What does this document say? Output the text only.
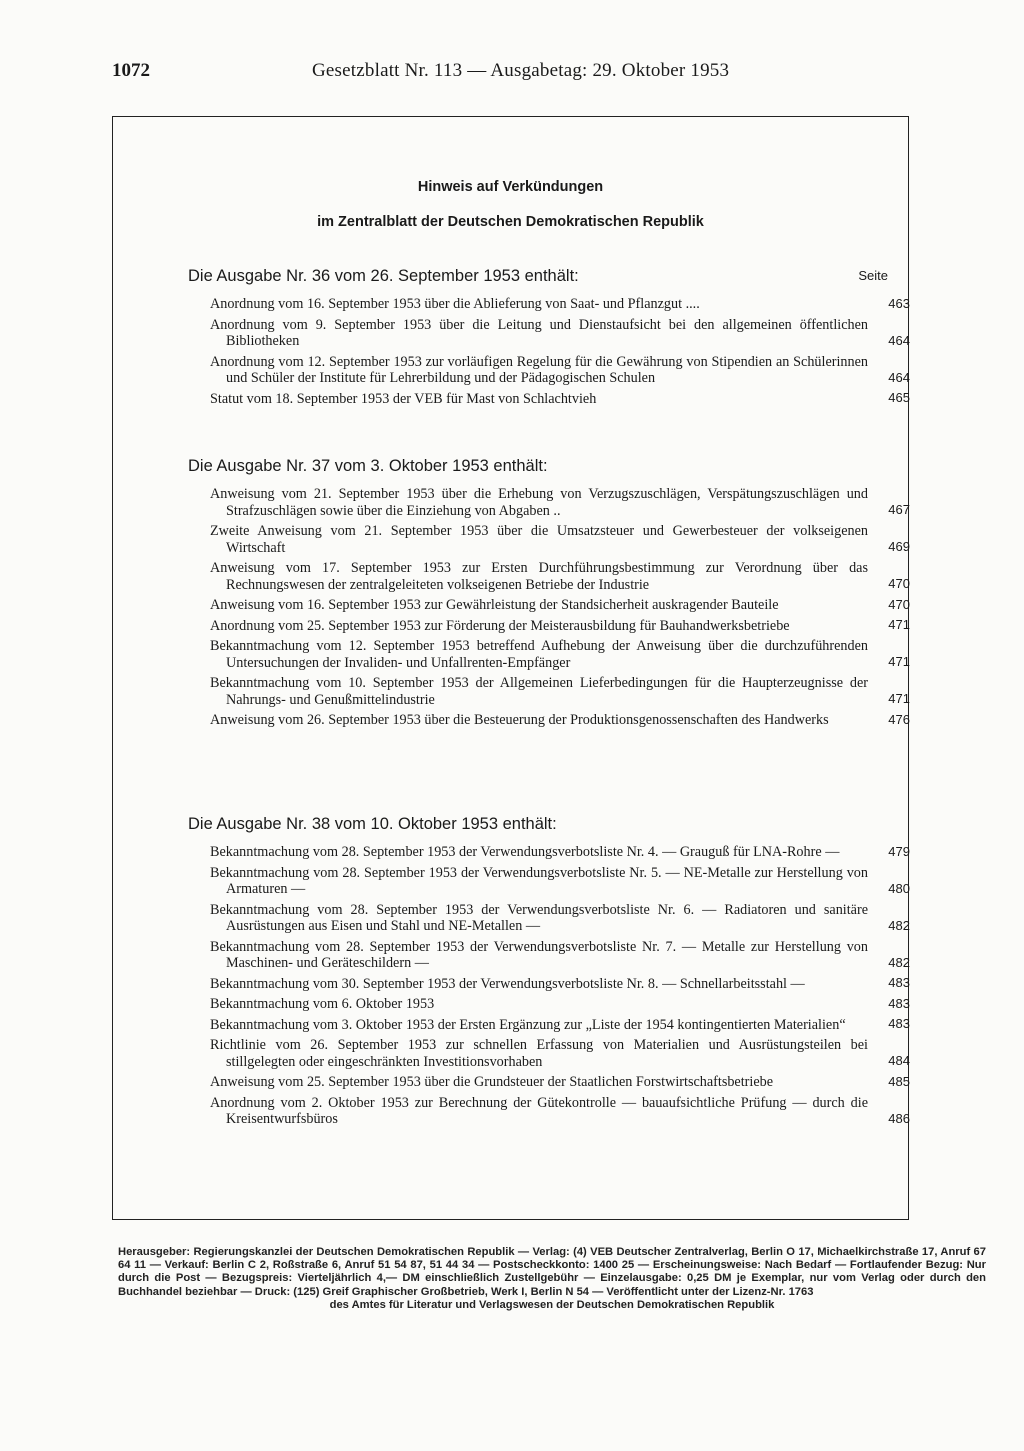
1072	Gesetzblatt Nr. 113 — Ausgabetag: 29. Oktober 1953
Hinweis auf Verkündungen
im Zentralblatt der Deutschen Demokratischen Republik
Seite
Die Ausgabe Nr. 36 vom 26. September 1953 enthält:
Anordnung vom 16. September 1953 über die Ablieferung von Saat- und Pflanzgut ....	463
Anordnung vom 9. September 1953 über die Leitung und Dienstaufsicht bei den allgemeinen öffentlichen Bibliotheken	464
Anordnung vom 12. September 1953 zur vorläufigen Regelung für die Gewährung von Stipendien an Schülerinnen und Schüler der Institute für Lehrerbildung und der Pädagogischen Schulen	464
Statut vom 18. September 1953 der VEB für Mast von Schlachtvieh	465
Die Ausgabe Nr. 37 vom 3. Oktober 1953 enthält:
Anweisung vom 21. September 1953 über die Erhebung von Verzugszuschlägen, Verspätungszuschlägen und Strafzuschlägen sowie über die Einziehung von Abgaben ..	467
Zweite Anweisung vom 21. September 1953 über die Umsatzsteuer und Gewerbesteuer der volkseigenen Wirtschaft	469
Anweisung vom 17. September 1953 zur Ersten Durchführungsbestimmung zur Verordnung über das Rechnungswesen der zentralgeleiteten volkseigenen Betriebe der Industrie	470
Anweisung vom 16. September 1953 zur Gewährleistung der Standsicherheit auskragender Bauteile	470
Anordnung vom 25. September 1953 zur Förderung der Meisterausbildung für Bauhandwerksbetriebe	471
Bekanntmachung vom 12. September 1953 betreffend Aufhebung der Anweisung über die durchzuführenden Untersuchungen der Invaliden- und Unfallrenten-Empfänger	471
Bekanntmachung vom 10. September 1953 der Allgemeinen Lieferbedingungen für die Haupterzeugnisse der Nahrungs- und Genußmittelindustrie	471
Anweisung vom 26. September 1953 über die Besteuerung der Produktionsgenossenschaften des Handwerks	476
Die Ausgabe Nr. 38 vom 10. Oktober 1953 enthält:
Bekanntmachung vom 28. September 1953 der Verwendungsverbotsliste Nr. 4. — Grauguß für LNA-Rohre —	479
Bekanntmachung vom 28. September 1953 der Verwendungsverbotsliste Nr. 5. — NE-Metalle zur Herstellung von Armaturen —	480
Bekanntmachung vom 28. September 1953 der Verwendungsverbotsliste Nr. 6. — Radiatoren und sanitäre Ausrüstungen aus Eisen und Stahl und NE-Metallen —	482
Bekanntmachung vom 28. September 1953 der Verwendungsverbotsliste Nr. 7. — Metalle zur Herstellung von Maschinen- und Geräteschildern —	482
Bekanntmachung vom 30. September 1953 der Verwendungsverbotsliste Nr. 8. — Schnellarbeitsstahl —	483
Bekanntmachung vom 6. Oktober 1953	483
Bekanntmachung vom 3. Oktober 1953 der Ersten Ergänzung zur „Liste der 1954 kontingentierten Materialien“	483
Richtlinie vom 26. September 1953 zur schnellen Erfassung von Materialien und Ausrüstungsteilen bei stillgelegten oder eingeschränkten Investitionsvorhaben	484
Anweisung vom 25. September 1953 über die Grundsteuer der Staatlichen Forstwirtschaftsbetriebe	485
Anordnung vom 2. Oktober 1953 zur Berechnung der Gütekontrolle — bauaufsichtliche Prüfung — durch die Kreisentwurfsbüros	486
Herausgeber: Regierungskanzlei der Deutschen Demokratischen Republik — Verlag: (4) VEB Deutscher Zentralverlag, Berlin O 17, Michaelkirchstraße 17, Anruf 67 64 11 — Verkauf: Berlin C 2, Roßstraße 6, Anruf 51 54 87, 51 44 34 — Postscheckkonto: 1400 25 — Erscheinungsweise: Nach Bedarf — Fortlaufender Bezug: Nur durch die Post — Bezugspreis: Vierteljährlich 4,— DM einschließlich Zustellgebühr — Einzelausgabe: 0,25 DM je Exemplar, nur vom Verlag oder durch den Buchhandel beziehbar — Druck: (125) Greif Graphischer Großbetrieb, Werk I, Berlin N 54 — Veröffentlicht unter der Lizenz-Nr. 1763
des Amtes für Literatur und Verlagswesen der Deutschen Demokratischen Republik
